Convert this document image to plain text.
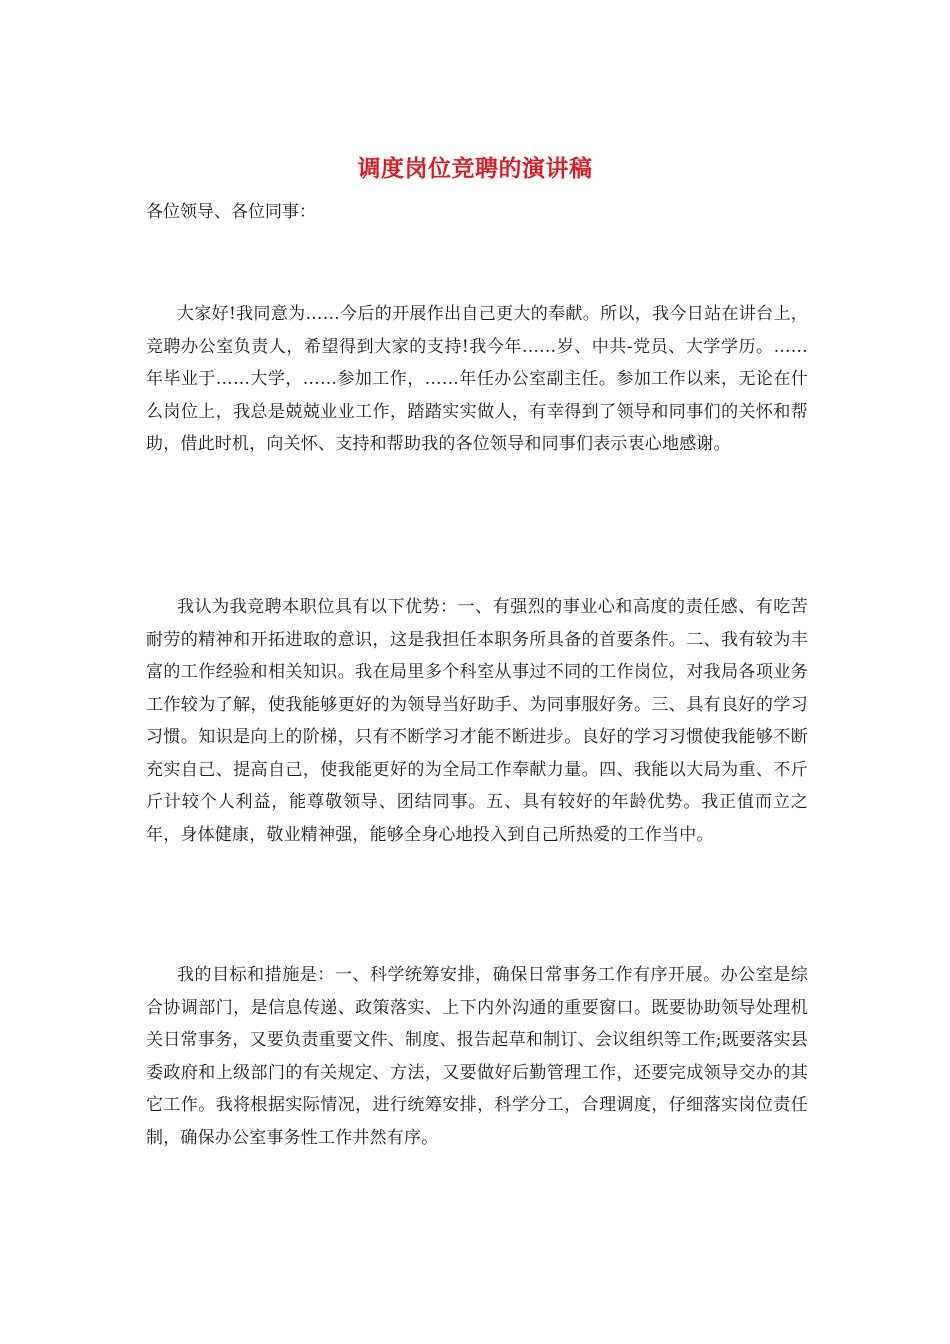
调度岗位竞聘的演讲稿
各位领导、各位同事：

大家好!我同意为……今后的开展作出自己更大的奉献。所以，我今日站在讲台上，竞聘办公室负责人，希望得到大家的支持!我今年……岁、中共-党员、大学学历。……年毕业于……大学，……参加工作，……年任办公室副主任。参加工作以来，无论在什么岗位上，我总是兢兢业业工作，踏踏实实做人，有幸得到了领导和同事们的关怀和帮助，借此时机，向关怀、支持和帮助我的各位领导和同事们表示衷心地感谢。

我认为我竞聘本职位具有以下优势：一、有强烈的事业心和高度的责任感、有吃苦耐劳的精神和开拓进取的意识，这是我担任本职务所具备的首要条件。二、我有较为丰富的工作经验和相关知识。我在局里多个科室从事过不同的工作岗位，对我局各项业务工作较为了解，使我能够更好的为领导当好助手、为同事服好务。三、具有良好的学习习惯。知识是向上的阶梯，只有不断学习才能不断进步。良好的学习习惯使我能够不断充实自己、提高自己，使我能更好的为全局工作奉献力量。四、我能以大局为重、不斤斤计较个人利益，能尊敬领导、团结同事。五、具有较好的年龄优势。我正值而立之年，身体健康，敬业精神强，能够全身心地投入到自己所热爱的工作当中。

我的目标和措施是：一、科学统筹安排，确保日常事务工作有序开展。办公室是综合协调部门，是信息传递、政策落实、上下内外沟通的重要窗口。既要协助领导处理机关日常事务，又要负责重要文件、制度、报告起草和制订、会议组织等工作;既要落实县委政府和上级部门的有关规定、方法，又要做好后勤管理工作，还要完成领导交办的其它工作。我将根据实际情况，进行统筹安排，科学分工，合理调度，仔细落实岗位责任制，确保办公室事务性工作井然有序。
